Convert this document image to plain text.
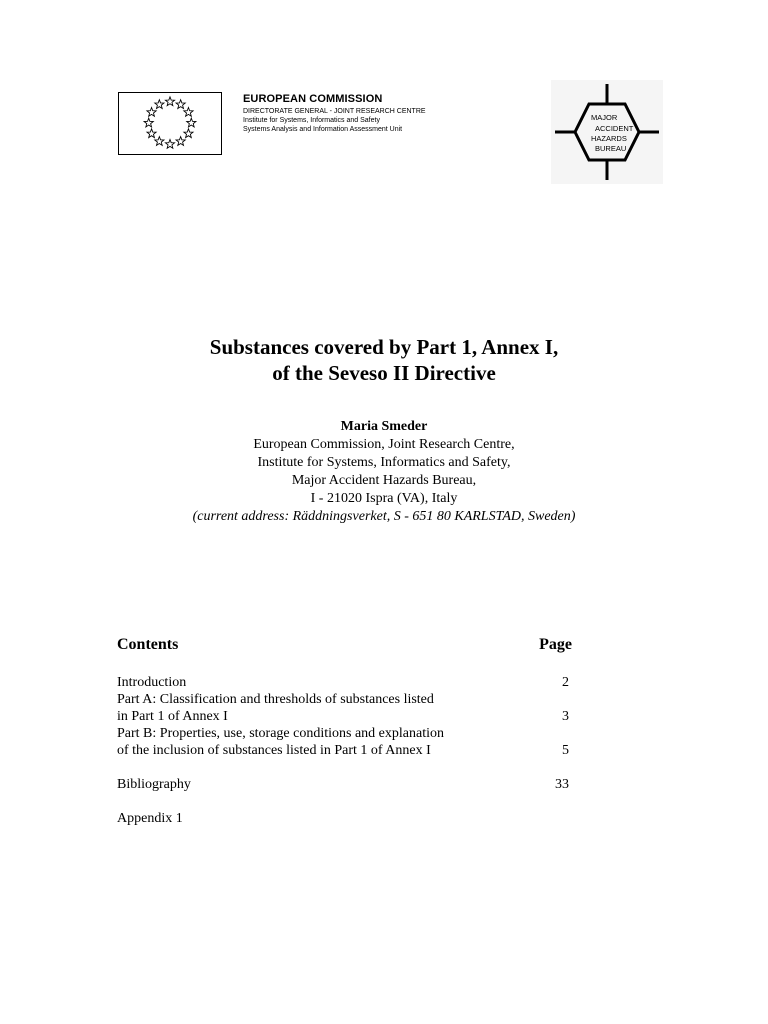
EUROPEAN COMMISSION
DIRECTORATE GENERAL - JOINT RESEARCH CENTRE
Institute for Systems, Informatics and Safety
Systems Analysis and Information Assessment Unit
MAJOR
ACCIDENT
HAZARDS
BUREAU
Substances covered by Part 1, Annex I,
of the Seveso II Directive
Maria Smeder
European Commission, Joint Research Centre,
Institute for Systems, Informatics and Safety,
Major Accident Hazards Bureau,
I - 21020 Ispra (VA), Italy
(current address: Räddningsverket, S - 651 80 KARLSTAD, Sweden)
Contents	Page
Introduction	2
Part A: Classification and thresholds of substances listed
in Part 1 of Annex I	3
Part B: Properties, use, storage conditions and explanation
of the inclusion of substances listed in Part 1 of Annex I	5
Bibliography	33
Appendix 1
